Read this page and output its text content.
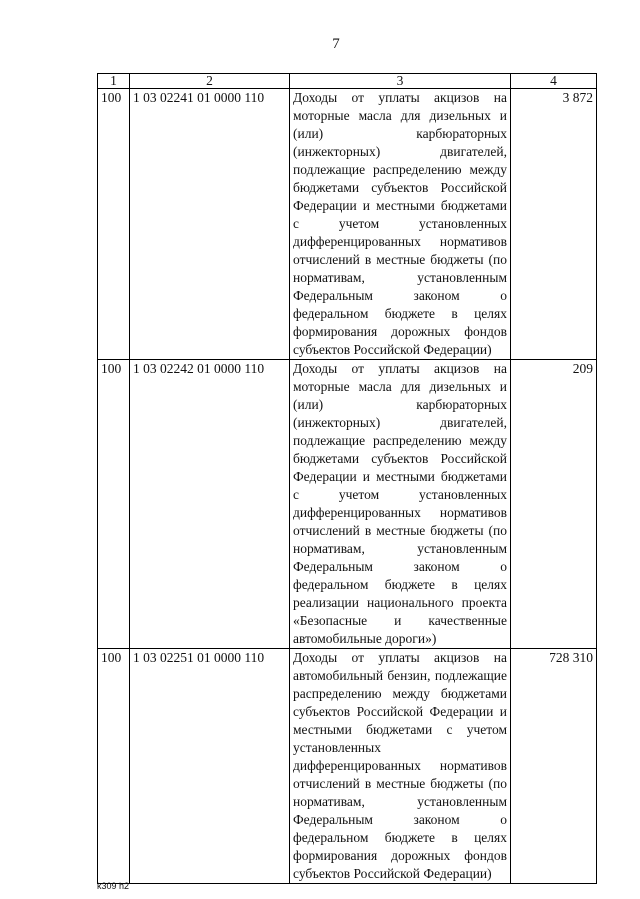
7
1	2	3	4
100	1 03 02241 01 0000 110	Доходы от уплаты акцизов на моторные масла для дизельных и (или) карбюраторных (инжекторных) двигателей, подлежащие распределению между бюджетами субъектов Российской Федерации и местными бюджетами с учетом установленных дифференцированных нормативов отчислений в местные бюджеты (по нормативам, установленным Федеральным законом о федеральном бюджете в целях формирования дорожных фондов субъектов Российской Федерации)	3 872
100	1 03 02242 01 0000 110	Доходы от уплаты акцизов на моторные масла для дизельных и (или) карбюраторных (инжекторных) двигателей, подлежащие распределению между бюджетами субъектов Российской Федерации и местными бюджетами с учетом установленных дифференцированных нормативов отчислений в местные бюджеты (по нормативам, установленным Федеральным законом о федеральном бюджете в целях реализации национального проекта «Безопасные и качественные автомобильные дороги»)	209
100	1 03 02251 01 0000 110	Доходы от уплаты акцизов на автомобильный бензин, подлежащие распределению между бюджетами субъектов Российской Федерации и местными бюджетами с учетом установленных дифференцированных нормативов отчислений в местные бюджеты (по нормативам, установленным Федеральным законом о федеральном бюджете в целях формирования дорожных фондов субъектов Российской Федерации)	728 310
k309 h2
